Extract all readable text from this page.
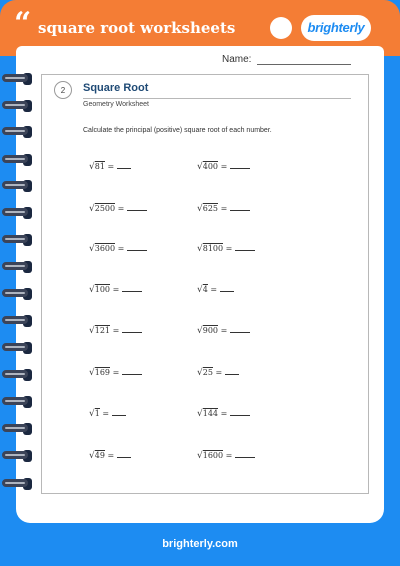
“ square root worksheets	brighterly
Name:
2	Square Root
Geometry Worksheet
Calculate the principal (positive) square root of each number.
√81 =	√400 =
√2500 =	√625 =
√3600 =	√8100 =
√100 =	√4 =
√121 =	√900 =
√169 =	√25 =
√1 =	√144 =
√49 =	√1600 =
brighterly.com
